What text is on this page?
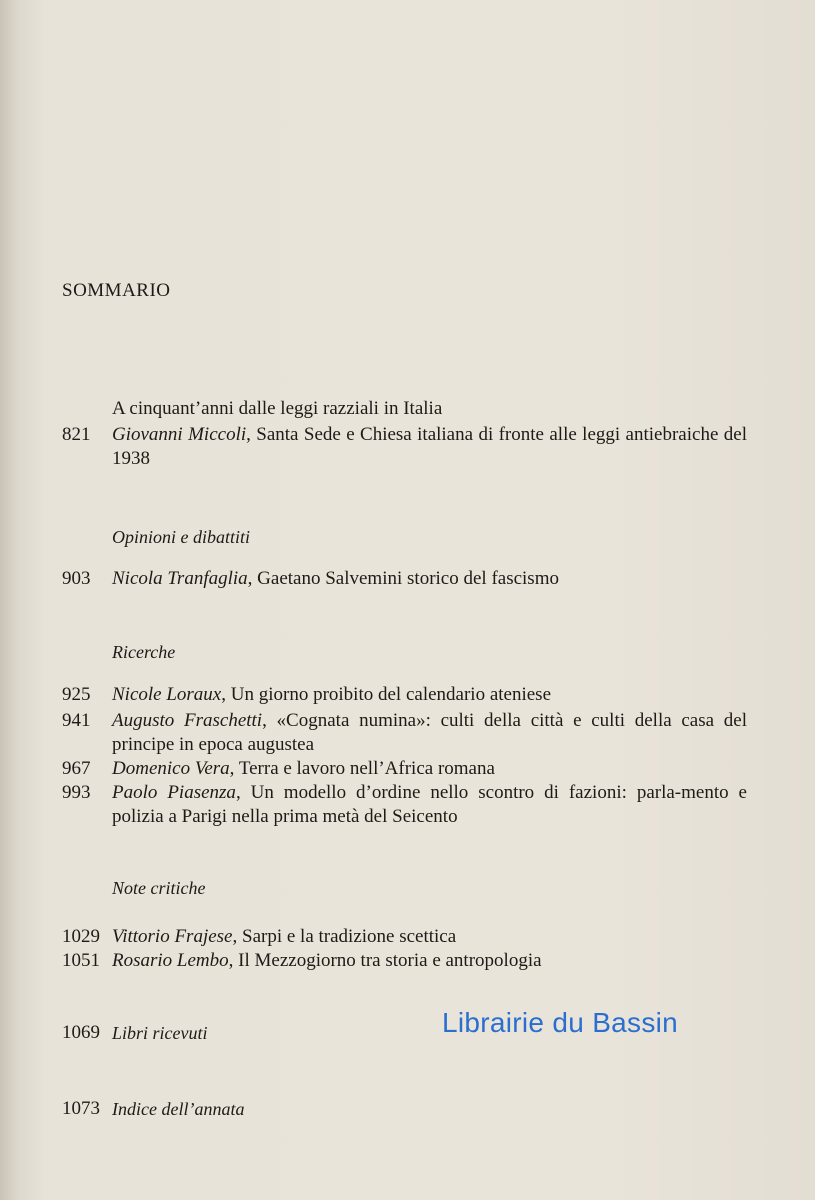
SOMMARIO
A cinquant’anni dalle leggi razziali in Italia
821	Giovanni Miccoli, Santa Sede e Chiesa italiana di fronte alle leggi antiebraiche del 1938
Opinioni e dibattiti
903	Nicola Tranfaglia, Gaetano Salvemini storico del fascismo
Ricerche
925	Nicole Loraux, Un giorno proibito del calendario ateniese
941	Augusto Fraschetti, «Cognata numina»: culti della città e culti della casa del principe in epoca augustea
967	Domenico Vera, Terra e lavoro nell’Africa romana
993	Paolo Piasenza, Un modello d’ordine nello scontro di fazioni: parla-mento e polizia a Parigi nella prima metà del Seicento
Note critiche
1029 Vittorio Frajese, Sarpi e la tradizione scettica
1051 Rosario Lembo, Il Mezzogiorno tra storia e antropologia
1069 Libri ricevuti
1073 Indice dell’annata
Librairie du Bassin
